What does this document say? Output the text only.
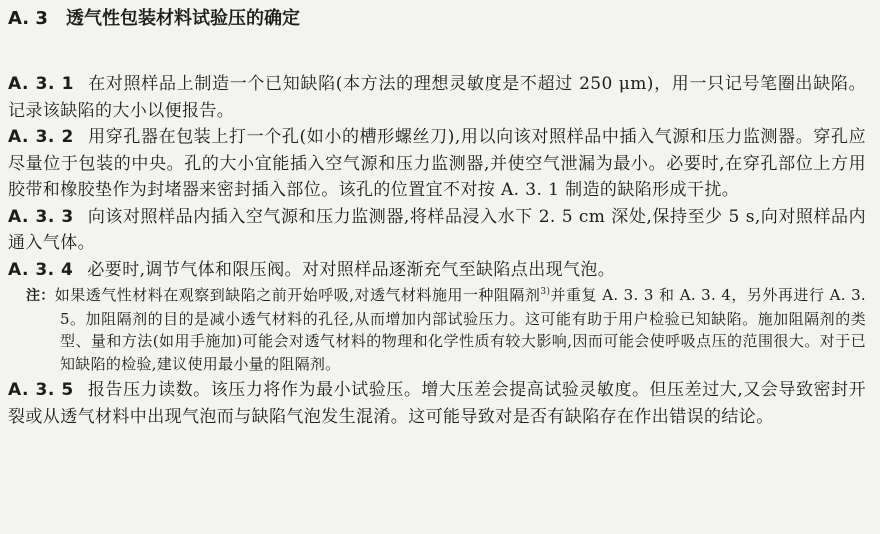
A. 3 透气性包装材料试验压的确定

A. 3. 1 在对照样品上制造一个已知缺陷(本方法的理想灵敏度是不超过 250 μm)，用一只记号笔圈出缺陷。记录该缺陷的大小以便报告。

A. 3. 2 用穿孔器在包装上打一个孔(如小的槽形螺丝刀),用以向该对照样品中插入气源和压力监测器。穿孔应尽量位于包装的中央。孔的大小宜能插入空气源和压力监测器,并使空气泄漏为最小。必要时,在穿孔部位上方用胶带和橡胶垫作为封堵器来密封插入部位。该孔的位置宜不对按 A. 3. 1 制造的缺陷形成干扰。

A. 3. 3 向该对照样品内插入空气源和压力监测器,将样品浸入水下 2. 5 cm 深处,保持至少 5 s,向对照样品内通入气体。

A. 3. 4 必要时,调节气体和限压阀。对对照样品逐渐充气至缺陷点出现气泡。

注：如果透气性材料在观察到缺陷之前开始呼吸,对透气材料施用一种阻隔剂$^{3)}$并重复 A. 3. 3 和 A. 3. 4，另外再进行 A. 3. 5。加阻隔剂的目的是减小透气材料的孔径,从而增加内部试验压力。这可能有助于用户检验已知缺陷。施加阻隔剂的类型、量和方法(如用手施加)可能会对透气材料的物理和化学性质有较大影响,因而可能会使呼吸点压的范围很大。对于已知缺陷的检验,建议使用最小量的阻隔剂。

A. 3. 5 报告压力读数。该压力将作为最小试验压。增大压差会提高试验灵敏度。但压差过大,又会导致密封开裂或从透气材料中出现气泡而与缺陷气泡发生混淆。这可能导致对是否有缺陷存在作出错误的结论。
